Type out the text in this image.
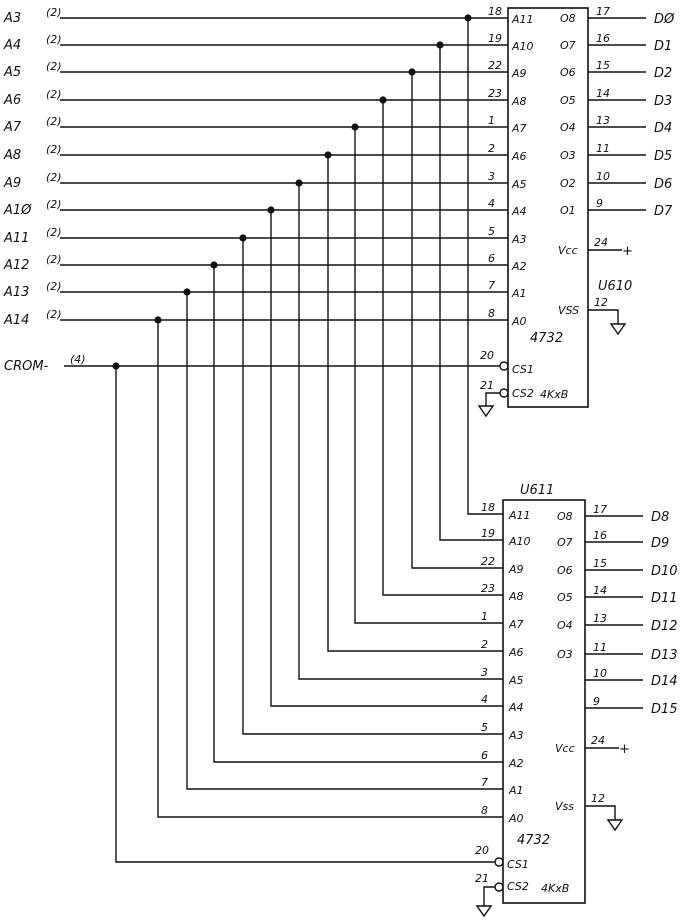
A3 (2)	18
A11
18
A11
A4 (2)	19
A10
19
A10
A5 (2)	22
A9
22
A9
A6 (2)	23
A8
23
A8
A7 (2)	1
A7
1
A7
A8 (2)	2
A6
2
A6
A9 (2)	3
A5
3
A5
A1Ø (2)	4
A4
4
A4
A11 (2)	5
A3
5
A3
A12 (2)	6
A2
6
A2
A13 (2)	7
A1
7
A1
A14 (2)	8
A0
8
A0
CROM- (4)	20
CS1
21
CS2
20
CS1
21
CS2
O8
17
DØ
O7
16
D1
O6
15
D2
O5
14
D3
O4
13
D4
O3
11
D5
O2
10
D6
O1
9
D7
O8
17
D8
O7
16
D9
O6
15
D10
O5
14
D11
O4
13
D12
O3
11
D13
10
D14
9
D15
Vcc
24
+
VSS
12
Vcc
24
+
Vss
12
U610
4732
4KxB
U611
4732
4KxB
